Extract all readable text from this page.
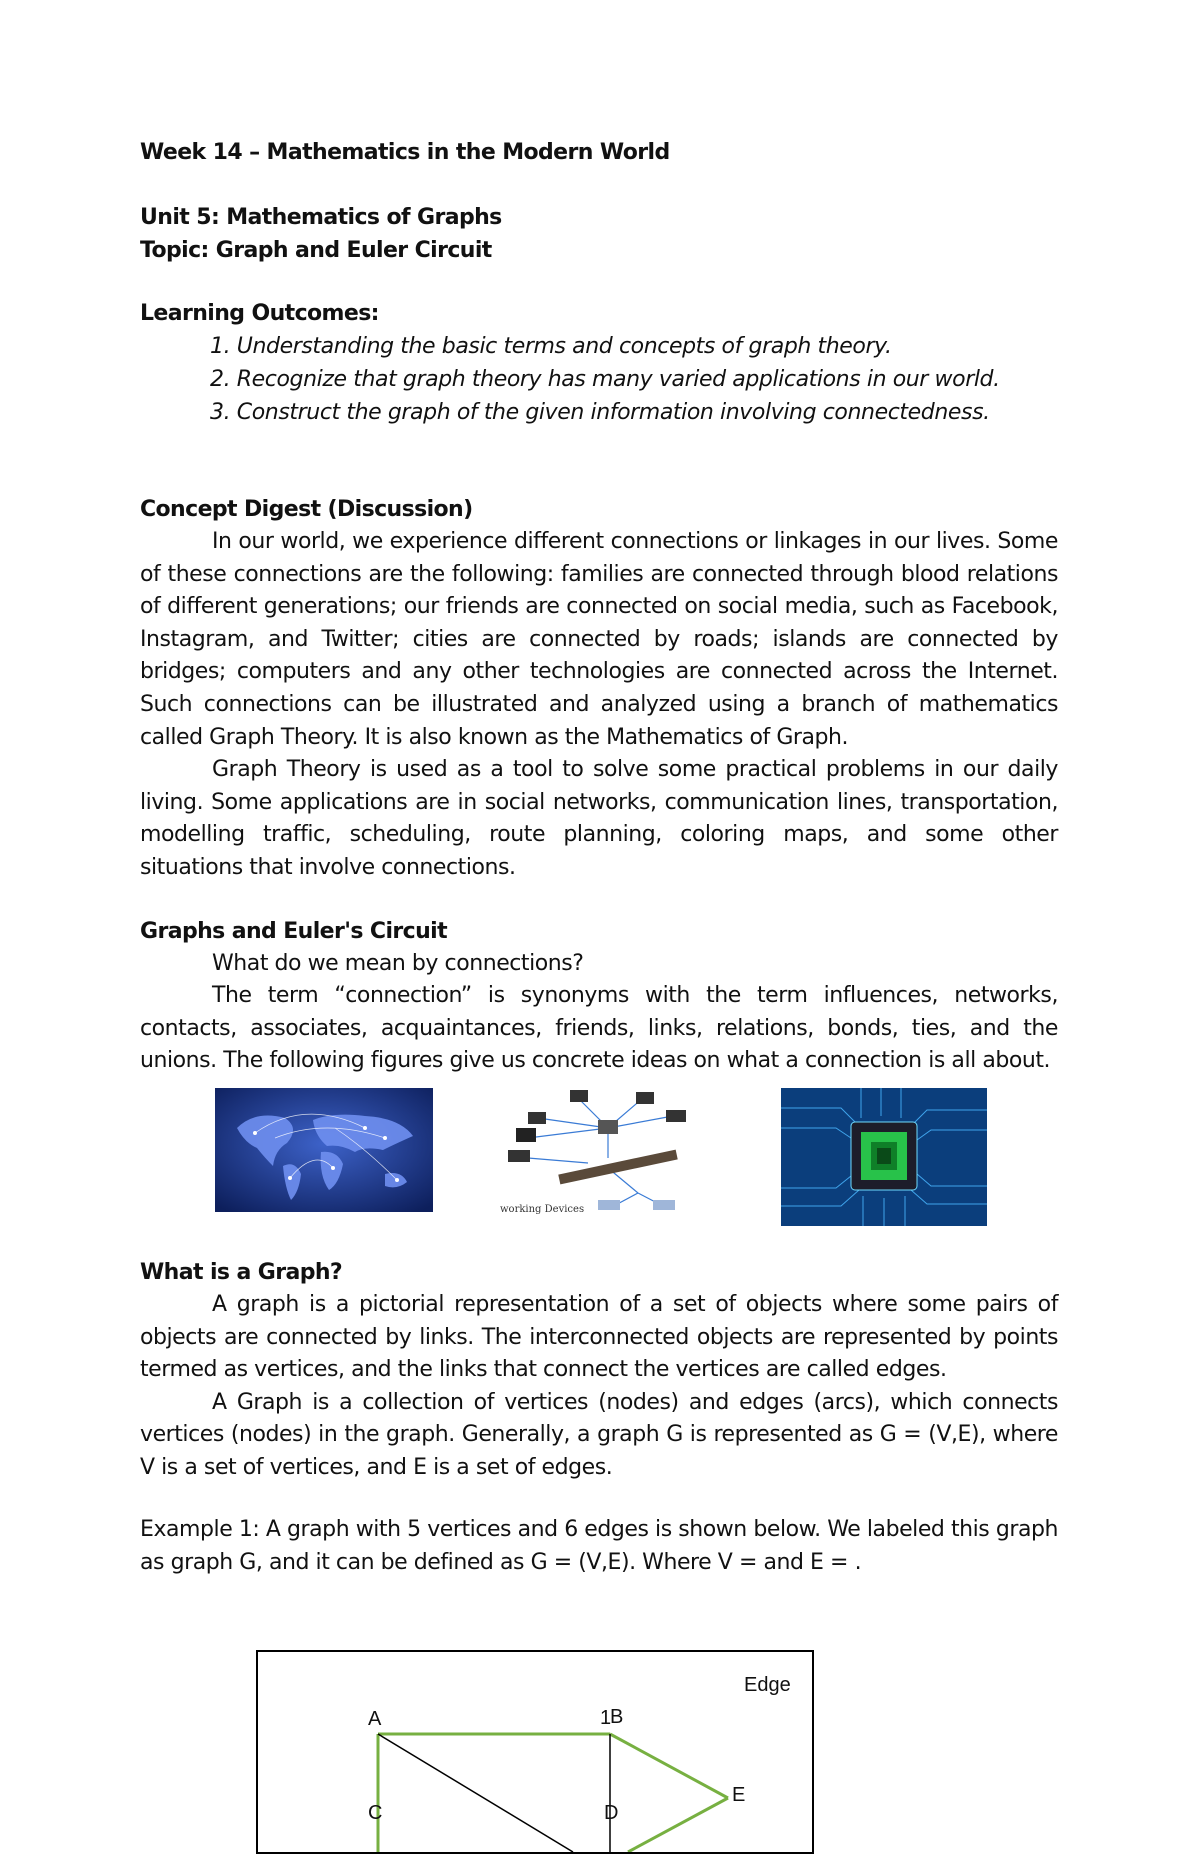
Week 14 – Mathematics in the Modern World
Unit 5: Mathematics of Graphs
Topic: Graph and Euler Circuit
Learning Outcomes:
1. Understanding the basic terms and concepts of graph theory.
2. Recognize that graph theory has many varied applications in our world.
3. Construct the graph of the given information involving connectedness.
Concept Digest (Discussion)

In our world, we experience different connections or linkages in our lives. Some of these connections are the following: families are connected through blood relations of different generations; our friends are connected on social media, such as Facebook, Instagram, and Twitter; cities are connected by roads; islands are connected by bridges; computers and any other technologies are connected across the Internet. Such connections can be illustrated and analyzed using a branch of mathematics called Graph Theory. It is also known as the Mathematics of Graph.

Graph Theory is used as a tool to solve some practical problems in our daily living. Some applications are in social networks, communication lines, transportation, modelling traffic, scheduling, route planning, coloring maps, and some other situations that involve connections.

Graphs and Euler's Circuit

What do we mean by connections?

The term “connection” is synonyms with the term influences, networks, contacts, associates, acquaintances, friends, links, relations, bonds, ties, and the unions. The following figures give us concrete ideas on what a connection is all about.

working Devices
What is a Graph?

A graph is a pictorial representation of a set of objects where some pairs of objects are connected by links. The interconnected objects are represented by points termed as vertices, and the links that connect the vertices are called edges.

A Graph is a collection of vertices (nodes) and edges (arcs), which connects vertices (nodes) in the graph. Generally, a graph G is represented as G = (V,E), where V is a set of vertices, and E is a set of edges.

Example 1: A graph with 5 vertices and 6 edges is shown below. We labeled this graph as graph G, and it can be defined as G = (V,E). Where V = and E = .

Edge
A	1
B
E
C	D
